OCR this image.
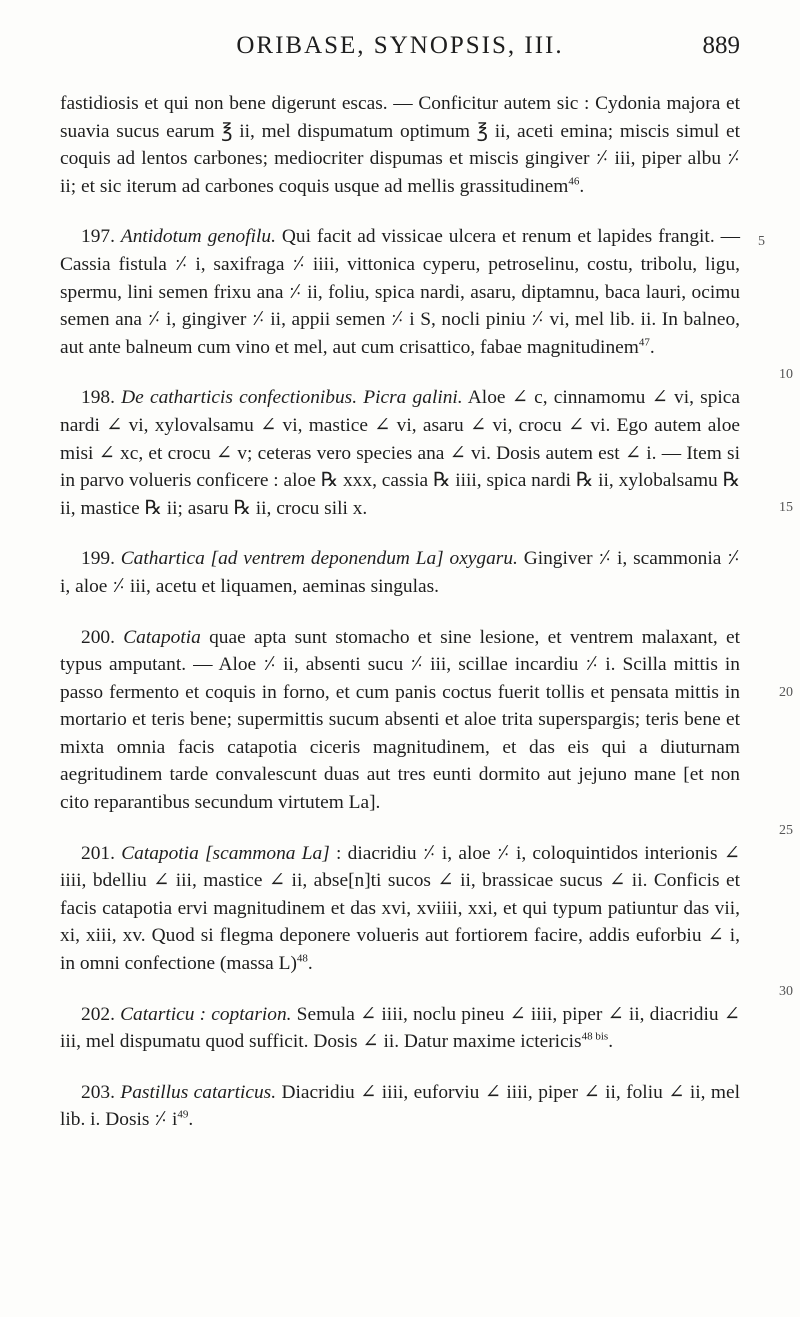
ORIBASE, SYNOPSIS, III.	889

fastidiosis et qui non bene digerunt escas. — Conficitur autem sic : Cydonia majora et suavia sucus earum ℥ ii, mel dispumatum optimum ℥ ii, aceti emina; miscis simul et coquis ad lentos carbones; mediocriter dispumas et miscis gingiver ⸓ iii, piper albu ⸓ ii; et sic iterum ad carbones coquis usque ad mellis grassitudinem$^{46}$.
5

197. Antidotum genofilu. Qui facit ad vissicae ulcera et renum et lapides frangit. — Cassia fistula ⸓ i, saxifraga ⸓ iiii, vittonica cyperu, petroselinu, costu, tribolu, ligu, spermu, lini semen frixu ana ⸓ ii, foliu, spica nardi, asaru, diptamnu, baca lauri, ocimu semen ana ⸓ i, gingiver ⸓ ii, appii semen ⸓ i S, nocli piniu ⸓ vi, mel lib. ii. In balneo, aut ante balneum cum vino et mel, aut cum crisattico, fabae magnitudinem$^{47}$.
10

198. De catharticis confectionibus. Picra galini. Aloe ∠ c, cinnamomu ∠ vi, spica nardi ∠ vi, xylovalsamu ∠ vi, mastice ∠ vi, asaru ∠ vi, crocu ∠ vi. Ego autem aloe misi ∠ xc, et crocu ∠ v; ceteras vero species ana ∠ vi. Dosis autem est ∠ i. — Item si in parvo volueris conficere : aloe ℞ xxx, cassia ℞ iiii, spica nardi ℞ ii, xylobalsamu ℞ ii, mastice ℞ ii; asaru ℞ ii, crocu sili x.	15

199. Cathartica [ad ventrem deponendum La] oxygaru. Gingiver ⸓ i, scammonia ⸓ i, aloe ⸓ iii, acetu et liquamen, aeminas singulas.

200. Catapotia quae apta sunt stomacho et sine lesione, et ventrem malaxant, et typus amputant. — Aloe ⸓ ii, absenti sucu ⸓ iii, scillae incardiu ⸓ i. Scilla mittis in passo fermento et coquis in forno, et cum panis coctus fuerit tollis et pensata mittis in mortario et teris bene; supermittis sucum absenti et aloe trita superspargis; teris bene et mixta omnia facis catapotia ciceris magnitudinem, et das eis qui a diuturnam aegritudinem tarde convalescunt duas aut tres eunti dormito aut jejuno mane [et non cito reparantibus secundum virtutem La].
20
25

201. Catapotia [scammona La] : diacridiu ⸓ i, aloe ⸓ i, coloquintidos interionis ∠ iiii, bdelliu ∠ iii, mastice ∠ ii, abse[n]ti sucos ∠ ii, brassicae sucus ∠ ii. Conficis et facis catapotia ervi magnitudinem et das xvi, xviiii, xxi, et qui typum patiuntur das vii, xi, xiii, xv. Quod si flegma deponere volueris aut fortiorem facire, addis euforbiu ∠ i, in omni confectione (massa L)$^{48}$.
30

202. Catarticu : coptarion. Semula ∠ iiii, noclu pineu ∠ iiii, piper ∠ ii, diacridiu ∠ iii, mel dispumatu quod sufficit. Dosis ∠ ii. Datur maxime ictericis$^{48 bis}$.

203. Pastillus catarticus. Diacridiu ∠ iiii, euforviu ∠ iiii, piper ∠ ii, foliu ∠ ii, mel lib. i. Dosis ⸓ $i^{49}$.
